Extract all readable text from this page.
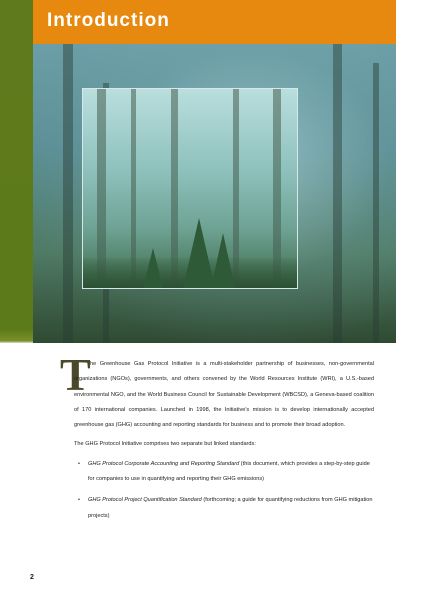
Introduction
T he Greenhouse Gas Protocol Initiative is a multi-stakeholder partnership of businesses, non-governmental organizations (NGOs), governments, and others convened by the World Resources Institute (WRI), a U.S.-based environmental NGO, and the World Business Council for Sustainable Development (WBCSD), a Geneva-based coalition of 170 international companies. Launched in 1998, the Initiative's mission is to develop internationally accepted greenhouse gas (GHG) accounting and reporting standards for business and to promote their broad adoption.

The GHG Protocol Initiative comprises two separate but linked standards:

• GHG Protocol Corporate Accounting and Reporting Standard (this document, which provides a step-by-step guide for companies to use in quantifying and reporting their GHG emissions)
• GHG Protocol Project Quantification Standard (forthcoming; a guide for quantifying reductions from GHG mitigation projects)
2
